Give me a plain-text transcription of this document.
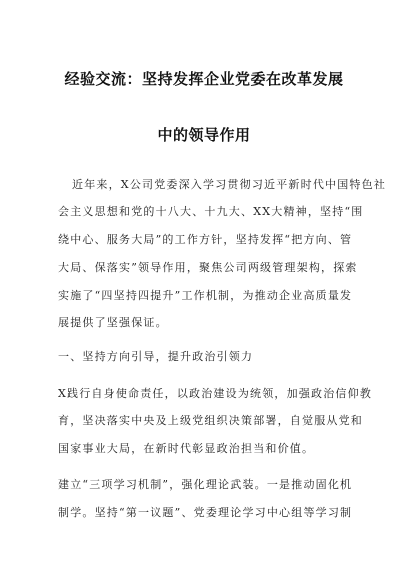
经验交流：坚持发挥企业党委在改革发展
中的领导作用
近年来，X公司党委深入学习贯彻习近平新时代中国特色社
会主义思想和党的十八大、十九大、XX大精神，坚持“围
绕中心、服务大局”的工作方针，坚持发挥“把方向、管
大局、保落实”领导作用，聚焦公司两级管理架构，探索
实施了“四坚持四提升”工作机制，为推动企业高质量发
展提供了坚强保证。
一、坚持方向引导，提升政治引领力
X践行自身使命责任，以政治建设为统领，加强政治信仰教
育，坚决落实中央及上级党组织决策部署，自觉服从党和
国家事业大局，在新时代彰显政治担当和价值。
建立“三项学习机制”，强化理论武装。一是推动固化机
制学。坚持“第一议题”、党委理论学习中心组等学习制
